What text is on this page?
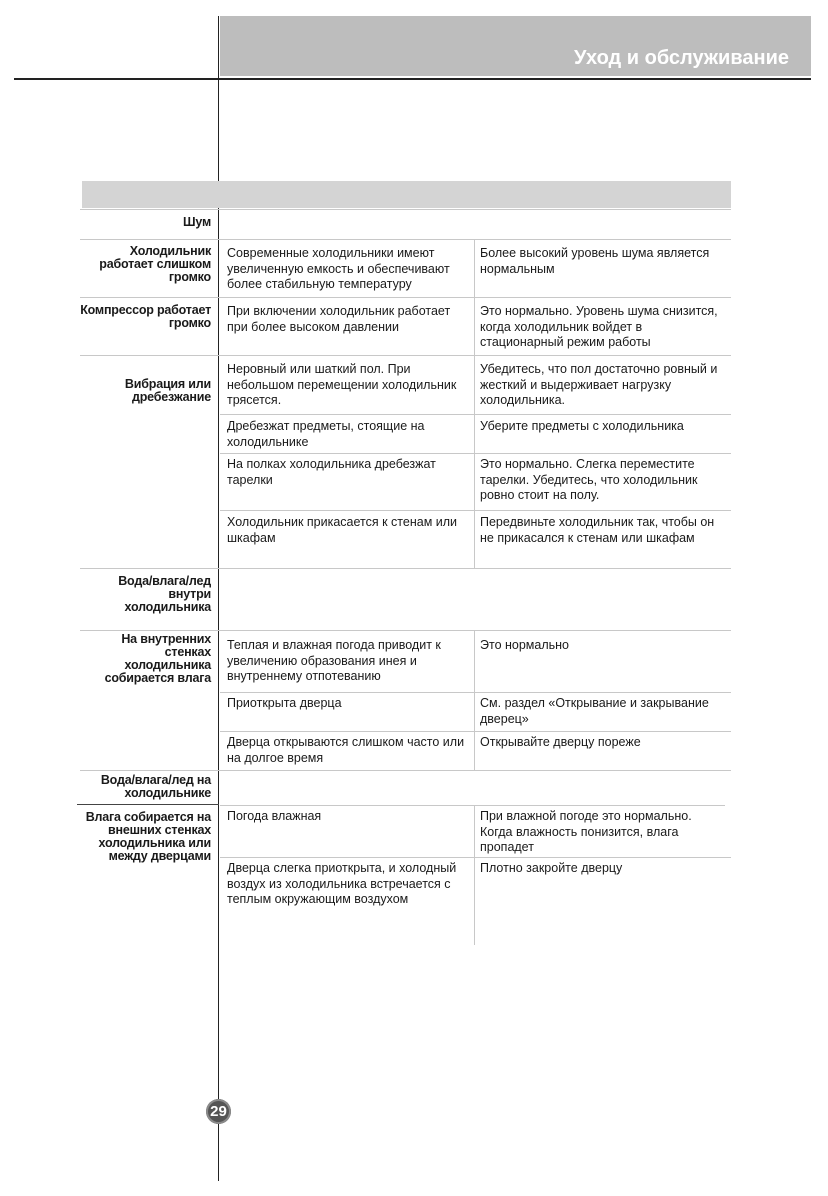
Уход и обслуживание
Шум
Холодильник работает слишком громко
Современные холодильники имеют увеличенную емкость и обеспечивают более стабильную температуру
Более высокий уровень шума является нормальным
Компрессор работает громко
При включении холодильник работает при более высоком давлении
Это нормально. Уровень шума снизится, когда холодильник войдет в стационарный режим работы
Вибрация или дребезжание
Неровный или шаткий пол. При небольшом перемещении холодильник трясется.
Убедитесь, что пол достаточно ровный и жесткий и выдерживает нагрузку холодильника.
Дребезжат предметы, стоящие на холодильнике
Уберите предметы с холодильника
На полках холодильника дребезжат тарелки
Это нормально. Слегка переместите тарелки. Убедитесь, что холодильник ровно стоит на полу.
Холодильник прикасается к стенам или шкафам
Передвиньте холодильник так, чтобы он не прикасался к стенам или шкафам
Вода/влага/лед внутри холодильника
На внутренних стенках холодильника собирается влага
Теплая и влажная погода приводит к увеличению образования инея и внутреннему отпотеванию
Это нормально
Приоткрыта дверца	См. раздел «Открывание и закрывание дверец»
Дверца открываются слишком часто или на долгое время
Открывайте дверцу пореже
Вода/влага/лед на холодильнике
Влага собирается на внешних стенках холодильника или между дверцами
Погода влажная	При влажной погоде это нормально. Когда влажность понизится, влага пропадет
Дверца слегка приоткрыта, и холодный воздух из холодильника встречается с теплым окружающим воздухом
Плотно закройте дверцу
29
